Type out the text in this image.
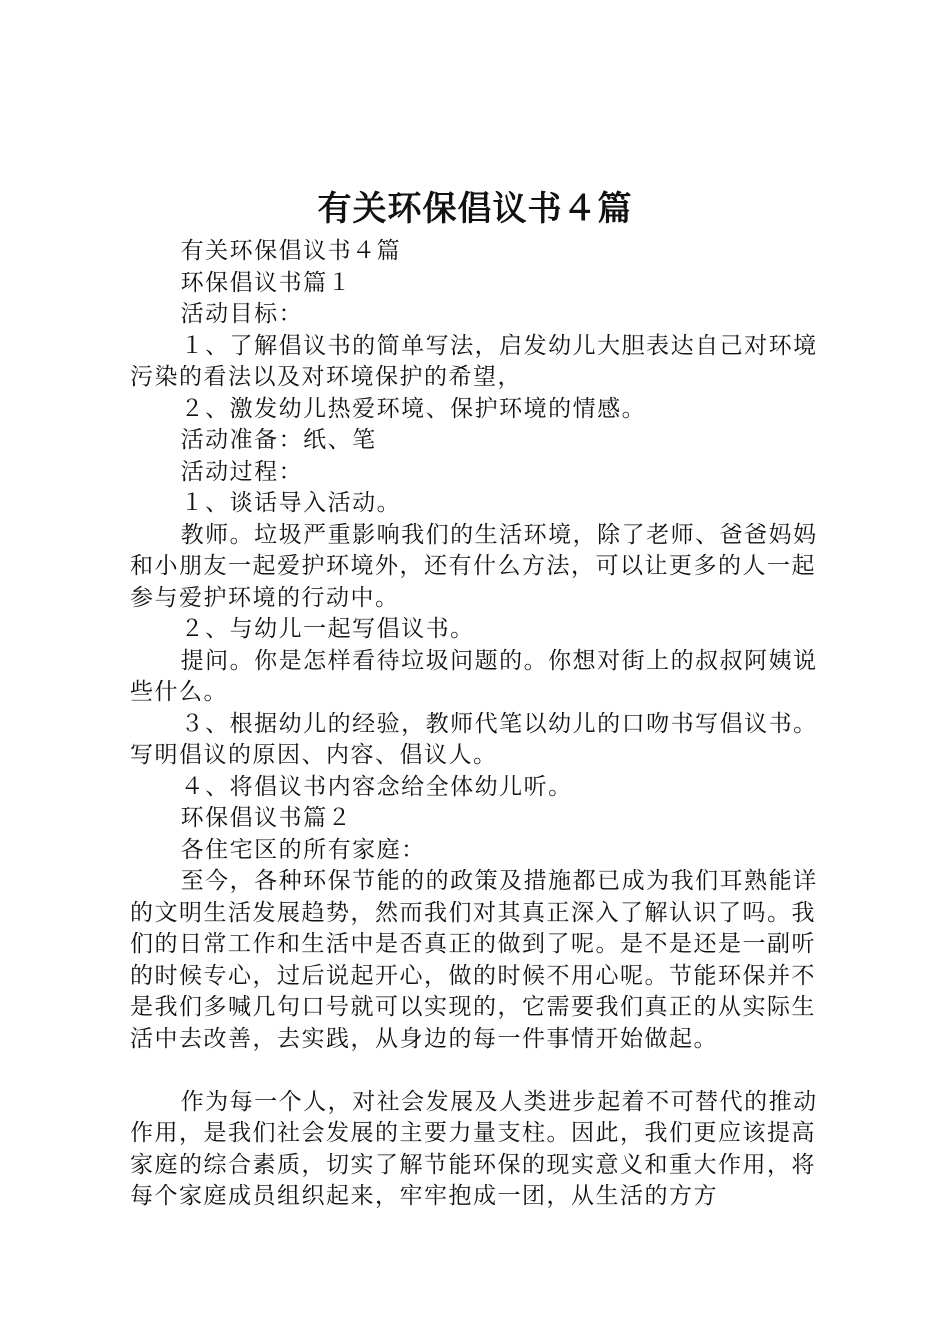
有关环保倡议书４篇

有关环保倡议书４篇

环保倡议书篇１

活动目标：

１、了解倡议书的简单写法，启发幼儿大胆表达自己对环境污染的看法以及对环境保护的希望，

２、激发幼儿热爱环境、保护环境的情感。

活动准备：纸、笔

活动过程：

１、谈话导入活动。

教师。垃圾严重影响我们的生活环境，除了老师、爸爸妈妈和小朋友一起爱护环境外，还有什么方法，可以让更多的人一起参与爱护环境的行动中。

２、与幼儿一起写倡议书。

提问。你是怎样看待垃圾问题的。你想对街上的叔叔阿姨说些什么。

３、根据幼儿的经验，教师代笔以幼儿的口吻书写倡议书。写明倡议的原因、内容、倡议人。

４、将倡议书内容念给全体幼儿听。

环保倡议书篇２

各住宅区的所有家庭：

至今，各种环保节能的的政策及措施都已成为我们耳熟能详的文明生活发展趋势，然而我们对其真正深入了解认识了吗。我们的日常工作和生活中是否真正的做到了呢。是不是还是一副听的时候专心，过后说起开心，做的时候不用心呢。节能环保并不是我们多喊几句口号就可以实现的，它需要我们真正的从实际生活中去改善，去实践，从身边的每一件事情开始做起。

作为每一个人，对社会发展及人类进步起着不可替代的推动作用，是我们社会发展的主要力量支柱。因此，我们更应该提高家庭的综合素质，切实了解节能环保的现实意义和重大作用，将每个家庭成员组织起来，牢牢抱成一团，从生活的方方
